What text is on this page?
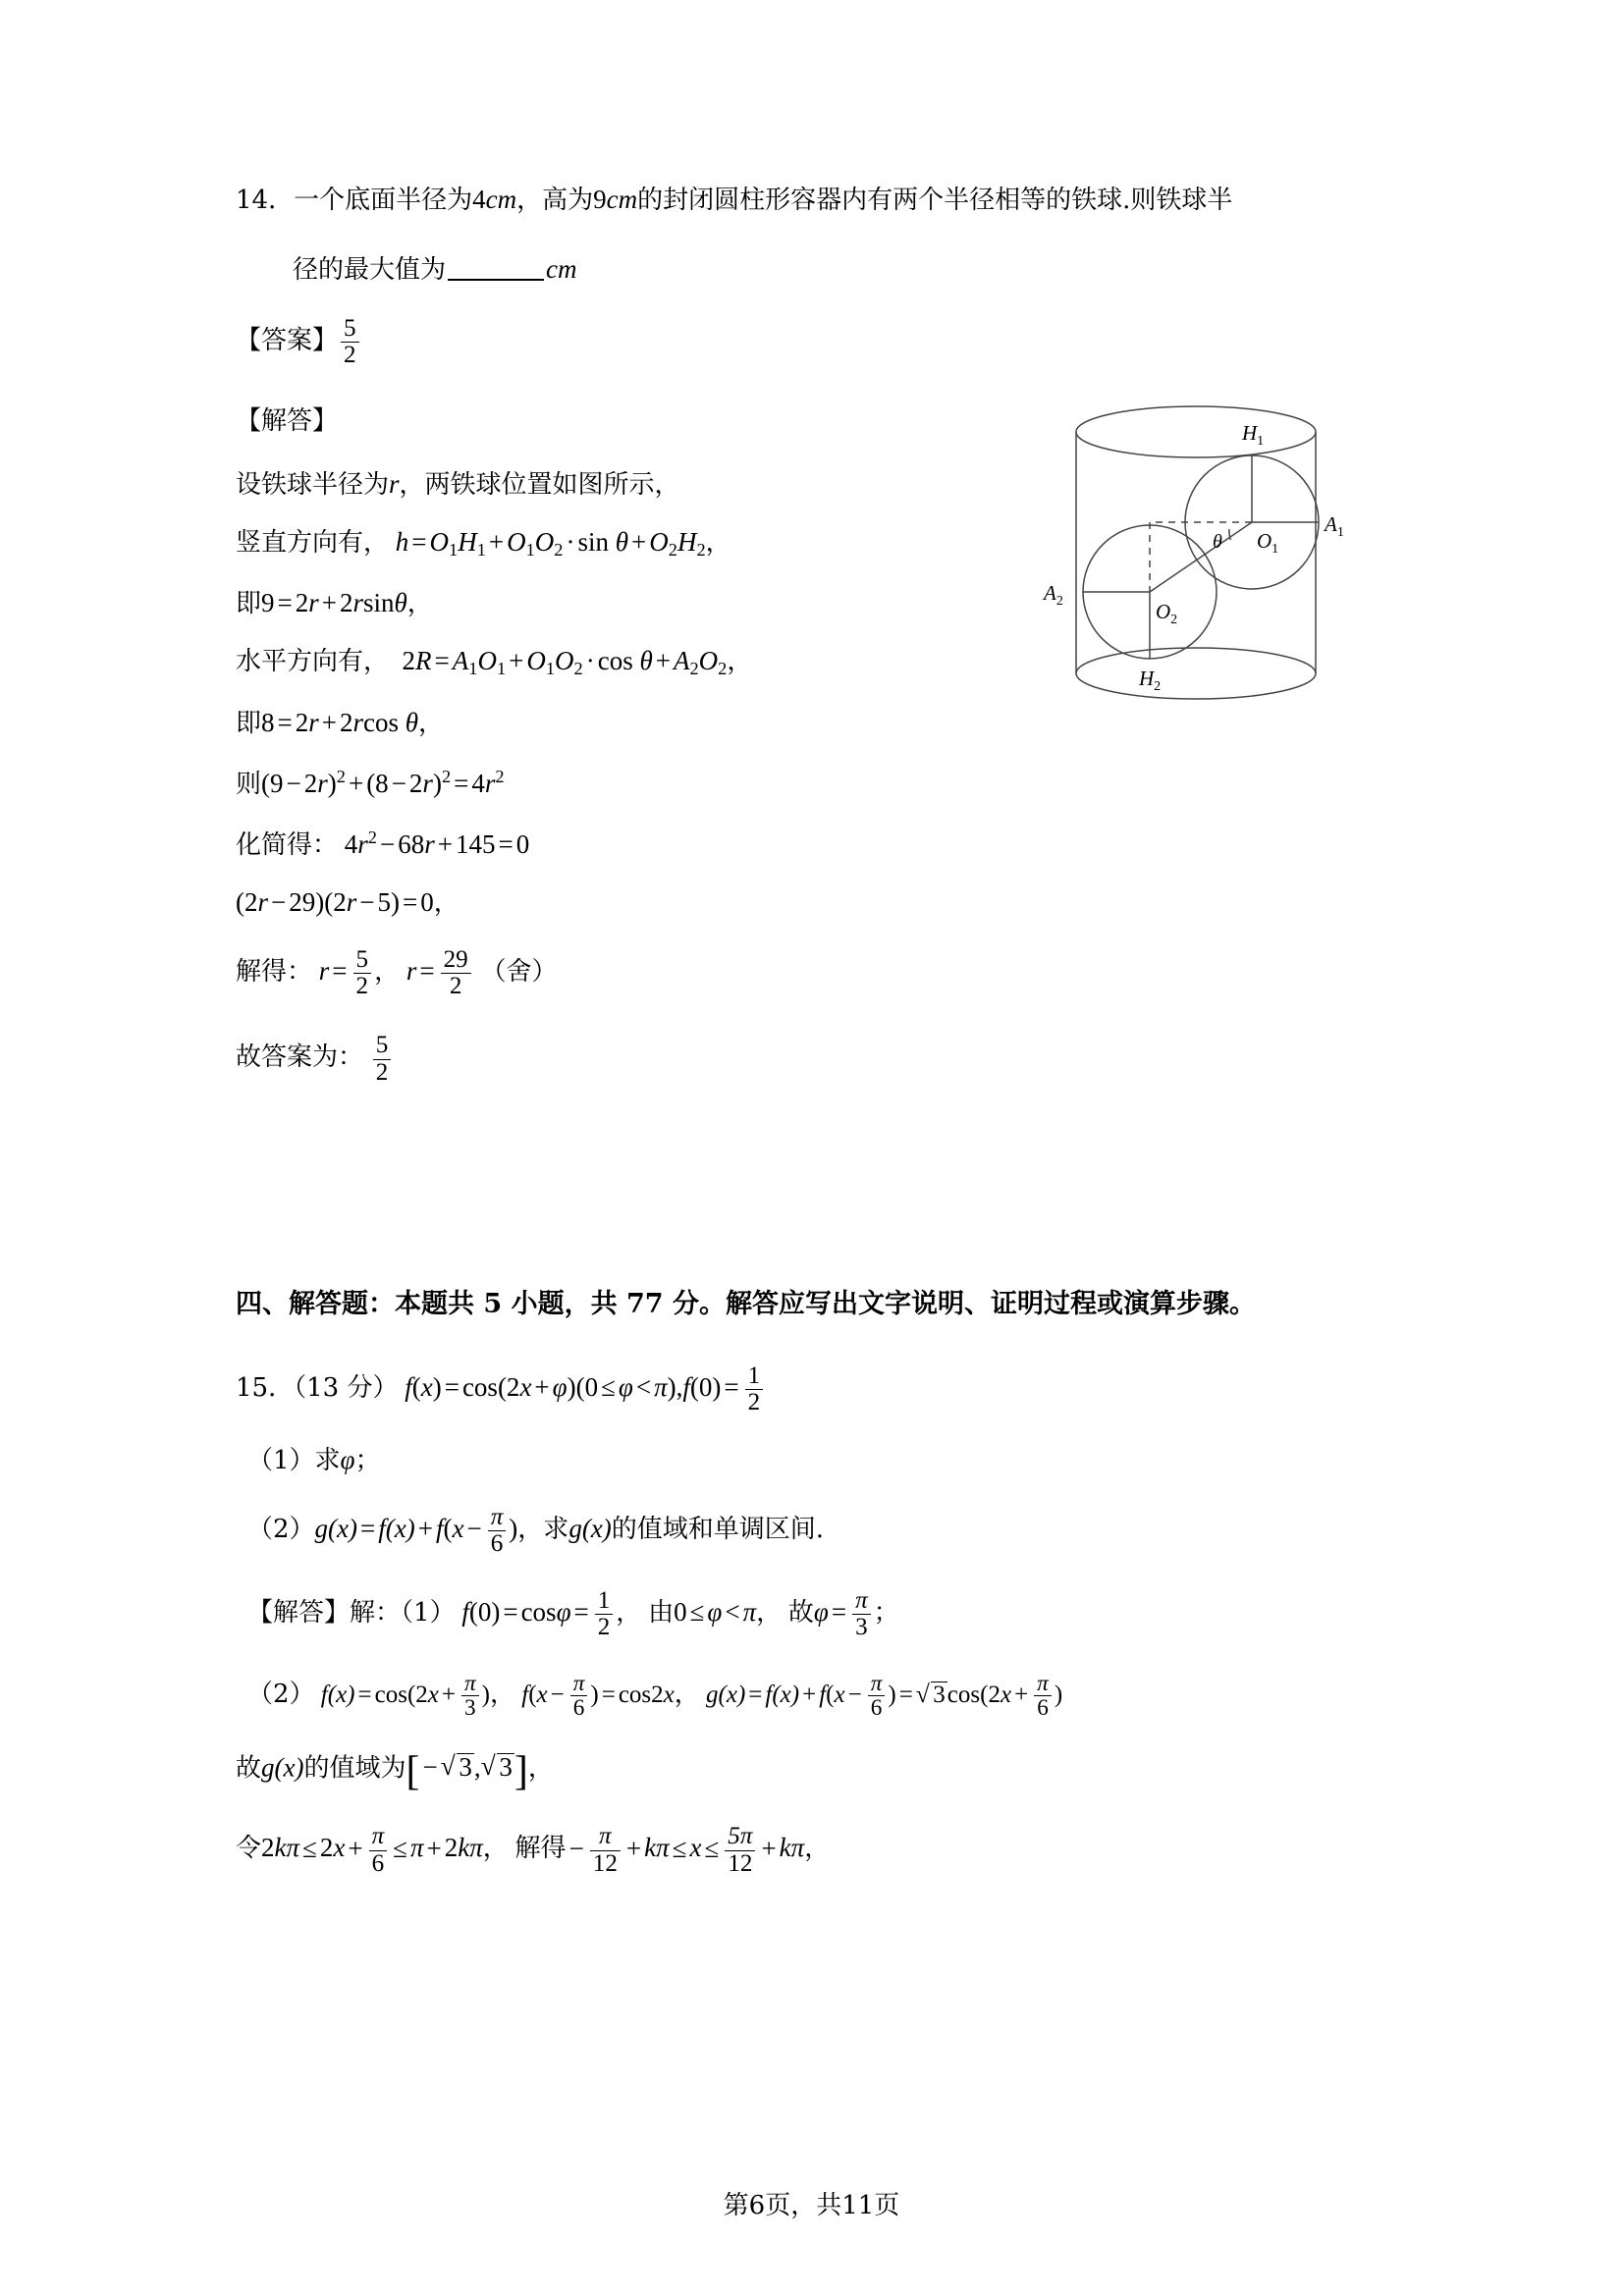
$H_1$
$A_1$
$O_1$
θ
$O_2$
$A_2$
$H_2$
14．一个底面半径为4cm，高为9cm的封闭圆柱形容器内有两个半径相等的铁球.则铁球半
径的最大值为	cm
【答案】 $\frac{5}{2}$
【解答】
设铁球半径为r，两铁球位置如图所示，
竖直方向有， h = O1H1 + O1O2 · sin θ + O2H2，
即9 = 2r + 2rsinθ，
水平方向有， 2R = A1O1 + O1O2 · cos θ + A2O2，
即8 = 2r + 2rcos θ，
则$(9 - 2r)^2 + (8 - 2r)^2 = 4r^2$
化简得： $4r^2 - 68r + 145 = 0$
(2r − 29)(2r − 5) = 0，
解得： $r = \frac{5}{2}$ ， $r = \frac{29}{2}$ （舍）
故答案为： $\frac{5}{2}$
四、解答题：本题共 5 小题，共 77 分。解答应写出文字说明、证明过程或演算步骤。
15．（13 分） $f(x) = \cos(2x + \varphi)(0 \le \varphi < \pi),f(0) = \frac{1}{2}$
（1）求φ；
$(2)g(x) = f(x) + f(x - \frac{\pi}{6}$ )，求g(x)的值域和单调区间.
【解答】解：（1） $f(0) = \cos\varphi = \frac{1}{2}$ ， 由0 ≤ φ < π， 故$\varphi = \frac{\pi}{3}$ ；
（2） $f(x) = \cos(2x + \frac{\pi}{3}$ )， $f(x - \frac{\pi}{6}$ ) = cos2x， $g(x) = f(x) + f(x - \frac{\pi}{6}$ ) = √ $3\cos(2x + \frac{\pi}{6}$ )
故g(x)的值域为[ − √ 3, √ 3]，
令$2k\pi \le 2x + \frac{\pi}{6} \le \pi + 2k\pi$， 解得 − $\frac{\pi}{12} + k\pi \le x \le \frac{5\pi}{12} + k\pi$，
第6页，共11页
